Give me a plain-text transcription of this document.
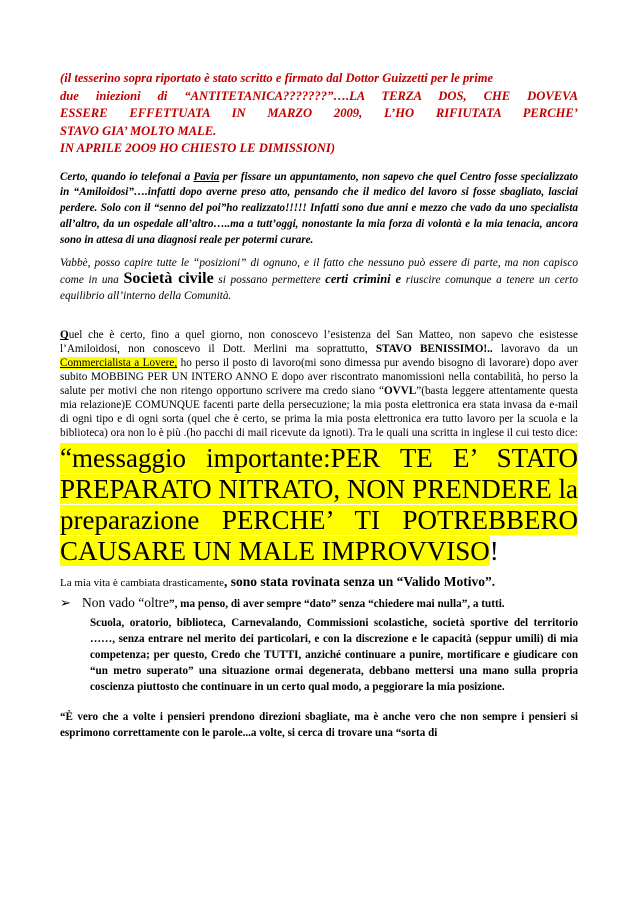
(il tesserino sopra riportato è stato scritto e firmato dal Dottor Guizzetti per le prime

due iniezioni di “ANTITETANICA???????”….LA TERZA DOS, CHE DOVEVA

ESSERE EFFETTUATA IN MARZO 2009, L’HO RIFIUTATA PERCHE’

STAVO GIA’ MOLTO MALE.

IN APRILE 2OO9 HO CHIESTO LE DIMISSIONI)

Certo, quando io telefonai a Pavia per fissare un appuntamento, non sapevo che quel Centro fosse specializzato in “Amiloidosi”….infatti dopo averne preso atto, pensando che il medico del lavoro si fosse sbagliato, lasciai perdere. Solo con il “senno del poi”ho realizzato!!!!! Infatti sono due anni e mezzo che vado da uno specialista all’altro, da un ospedale all’altro…..ma a tutt’oggi, nonostante la mia forza di volontà e la mia tenacia, ancora sono in attesa di una diagnosi reale per potermi curare.

Vabbè, posso capire tutte le “posizioni” di ognuno, e il fatto che nessuno può essere di parte, ma non capisco come in una Società civile si possano permettere certi crimini e riuscire comunque a tenere un certo equilibrio all’interno della Comunità.

Quel che è certo, fino a quel giorno, non conoscevo l’esistenza del San Matteo, non sapevo che esistesse l’Amiloidosi, non conoscevo il Dott. Merlini ma soprattutto, STAVO BENISSIMO!.. lavoravo da un Commercialista a Lovere, ho perso il posto di lavoro(mi sono dimessa pur avendo bisogno di lavorare) dopo aver subito MOBBING PER UN INTERO ANNO E dopo aver riscontrato manomissioni nella contabilità, ho perso la salute per motivi che non ritengo opportuno scrivere ma credo siano “OVVL”(basta leggere attentamente questa mia relazione)E COMUNQUE facenti parte della persecuzione; la mia posta elettronica era stata invasa da e-mail di ogni tipo e di ogni sorta (quel che è certo, se prima la mia posta elettronica era tutto lavoro per la scuola e la biblioteca) ora non lo è più .(ho pacchi di mail ricevute da ignoti). Tra le quali una scritta in inglese il cui testo dice:

“messaggio importante:PER TE E’ STATO PREPARATO NITRATO, NON PRENDERE la preparazione PERCHE’ TI POTREBBERO CAUSARE UN MALE IMPROVVISO!

La mia vita è cambiata drasticamente, sono stata rovinata senza un “Valido Motivo”.

➢ Non vado “oltre”, ma penso, di aver sempre “dato” senza “chiedere mai nulla”, a tutti.

Scuola, oratorio, biblioteca, Carnevalando, Commissioni scolastiche, società sportive del territorio ……, senza entrare nel merito dei particolari, e con la discrezione e le capacità (seppur umili) di mia competenza; per questo, Credo che TUTTI, anziché continuare a punire, mortificare e giudicare con “un metro superato” una situazione ormai degenerata, debbano mettersi una mano sulla propria coscienza piuttosto che continuare in un certo qual modo, a peggiorare la mia posizione.

“È vero che a volte i pensieri prendono direzioni sbagliate, ma è anche vero che non sempre i pensieri si esprimono correttamente con le parole...a volte, si cerca di trovare una “sorta di
